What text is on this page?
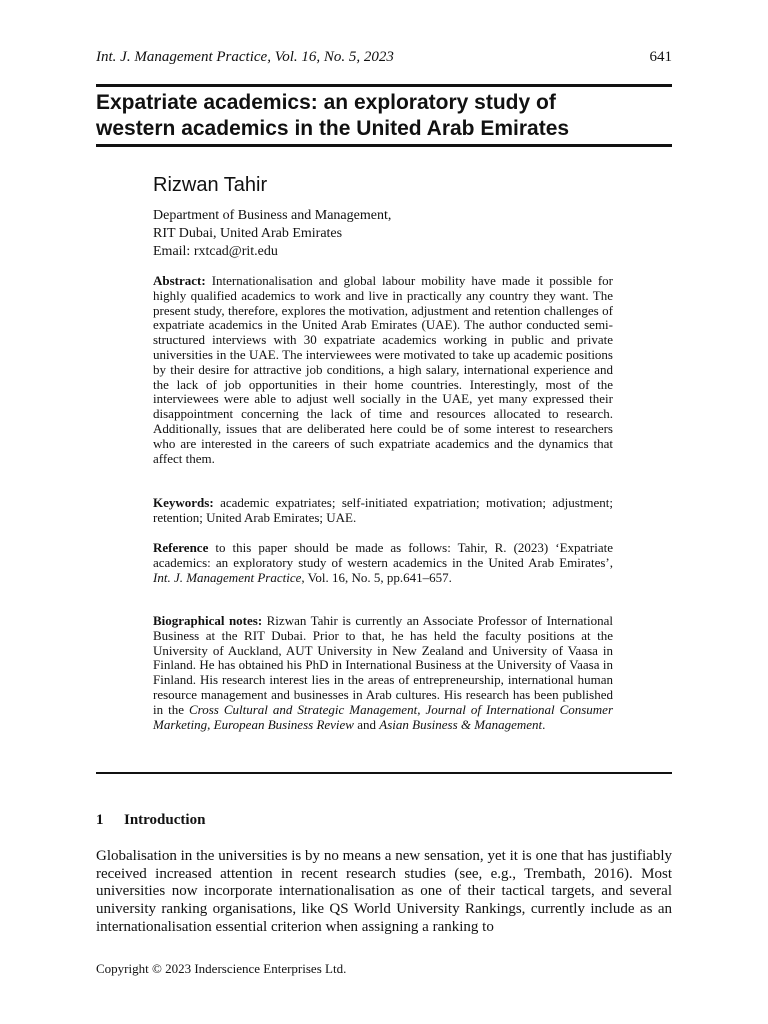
Int. J. Management Practice, Vol. 16, No. 5, 2023	641
Expatriate academics: an exploratory study of
western academics in the United Arab Emirates
Rizwan Tahir
Department of Business and Management,
RIT Dubai, United Arab Emirates
Email: rxtcad@rit.edu

Abstract: Internationalisation and global labour mobility have made it possible for highly qualified academics to work and live in practically any country they want. The present study, therefore, explores the motivation, adjustment and retention challenges of expatriate academics in the United Arab Emirates (UAE). The author conducted semi-structured interviews with 30 expatriate academics working in public and private universities in the UAE. The interviewees were motivated to take up academic positions by their desire for attractive job conditions, a high salary, international experience and the lack of job opportunities in their home countries. Interestingly, most of the interviewees were able to adjust well socially in the UAE, yet many expressed their disappointment concerning the lack of time and resources allocated to research. Additionally, issues that are deliberated here could be of some interest to researchers who are interested in the careers of such expatriate academics and the dynamics that affect them.

Keywords: academic expatriates; self-initiated expatriation; motivation; adjustment; retention; United Arab Emirates; UAE.

Reference to this paper should be made as follows: Tahir, R. (2023) ‘Expatriate academics: an exploratory study of western academics in the United Arab Emirates’, Int. J. Management Practice, Vol. 16, No. 5, pp.641–657.

Biographical notes: Rizwan Tahir is currently an Associate Professor of International Business at the RIT Dubai. Prior to that, he has held the faculty positions at the University of Auckland, AUT University in New Zealand and University of Vaasa in Finland. He has obtained his PhD in International Business at the University of Vaasa in Finland. His research interest lies in the areas of entrepreneurship, international human resource management and businesses in Arab cultures. His research has been published in the Cross Cultural and Strategic Management, Journal of International Consumer Marketing, European Business Review and Asian Business & Management.

1 Introduction

Globalisation in the universities is by no means a new sensation, yet it is one that has justifiably received increased attention in recent research studies (see, e.g., Trembath, 2016). Most universities now incorporate internationalisation as one of their tactical targets, and several university ranking organisations, like QS World University Rankings, currently include as an internationalisation essential criterion when assigning a ranking to

Copyright © 2023 Inderscience Enterprises Ltd.
